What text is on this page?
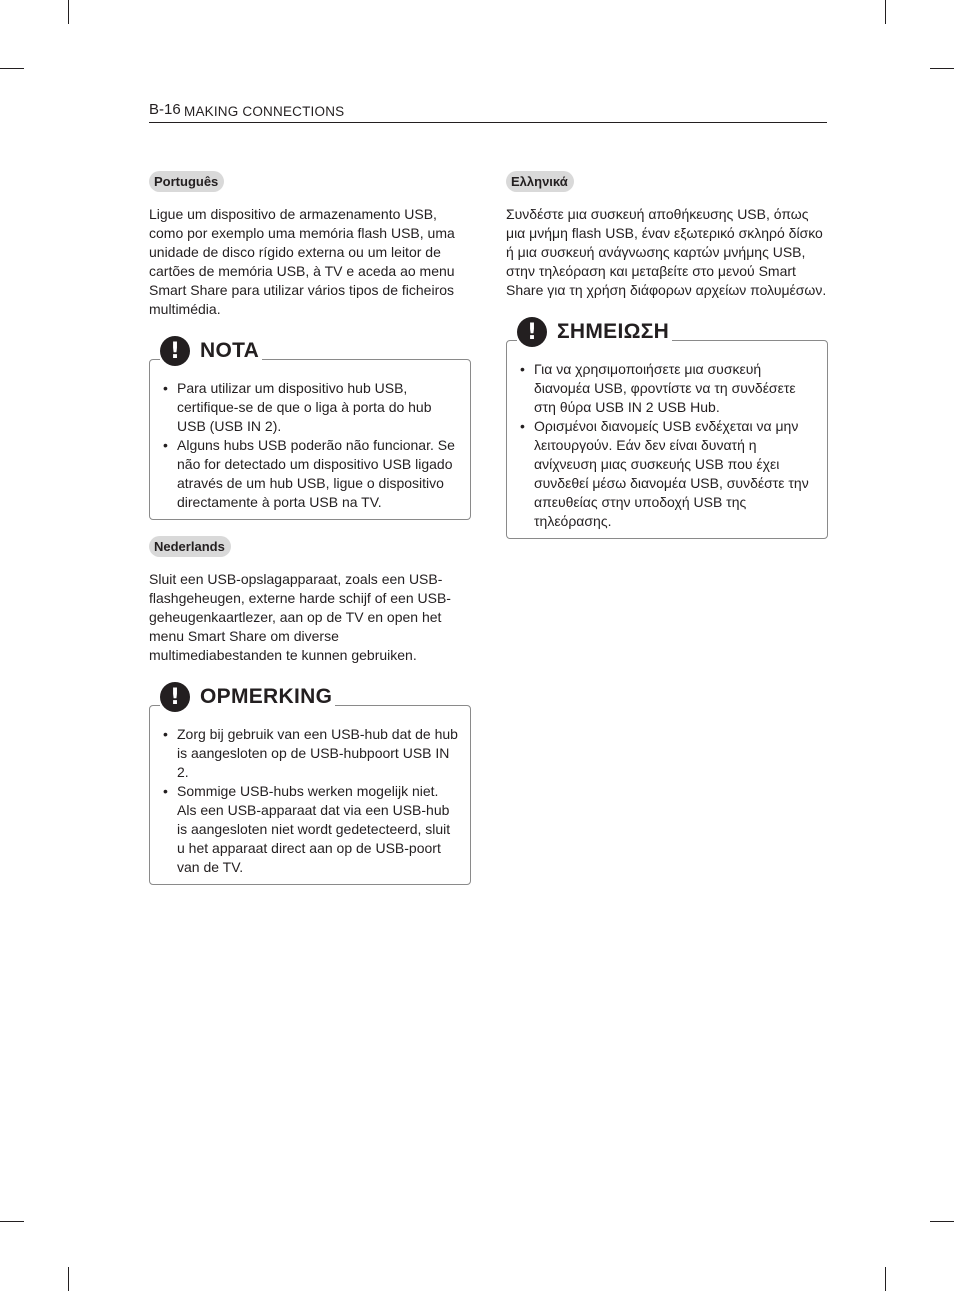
B-16 MAKING CONNECTIONS
Português

Ligue um dispositivo de armazenamento USB, como por exemplo uma memória flash USB, uma unidade de disco rígido externa ou um leitor de cartões de memória USB, à TV e aceda ao menu Smart Share para utilizar vários tipos de ficheiros multimédia.

! NOTA
• Para utilizar um dispositivo hub USB, certifique-se de que o liga à porta do hub USB (USB IN 2).
• Alguns hubs USB poderão não funcionar. Se não for detectado um dispositivo USB ligado através de um hub USB, ligue o dispositivo directamente à porta USB na TV.
Nederlands

Sluit een USB-opslagapparaat, zoals een USB-flashgeheugen, externe harde schijf of een USB-geheugenkaartlezer, aan op de TV en open het menu Smart Share om diverse multimediabestanden te kunnen gebruiken.

! OPMERKING
• Zorg bij gebruik van een USB-hub dat de hub is aangesloten op de USB-hubpoort USB IN 2.
• Sommige USB-hubs werken mogelijk niet. Als een USB-apparaat dat via een USB-hub is aangesloten niet wordt gedetecteerd, sluit u het apparaat direct aan op de USB-poort van de TV.
Ελληνικά

Συνδέστε μια συσκευή αποθήκευσης USB, όπως μια μνήμη flash USB, έναν εξωτερικό σκληρό δίσκο ή μια συσκευή ανάγνωσης καρτών μνήμης USB, στην τηλεόραση και μεταβείτε στο μενού Smart Share για τη χρήση διάφορων αρχείων πολυμέσων.

! ΣΗΜΕΙΩΣΗ
• Για να χρησιμοποιήσετε μια συσκευή διανομέα USB, φροντίστε να τη συνδέσετε στη θύρα USB IN 2 USB Hub.
• Ορισμένοι διανομείς USB ενδέχεται να μην λειτουργούν. Εάν δεν είναι δυνατή η ανίχνευση μιας συσκευής USB που έχει συνδεθεί μέσω διανομέα USB, συνδέστε την απευθείας στην υποδοχή USB της τηλεόρασης.
